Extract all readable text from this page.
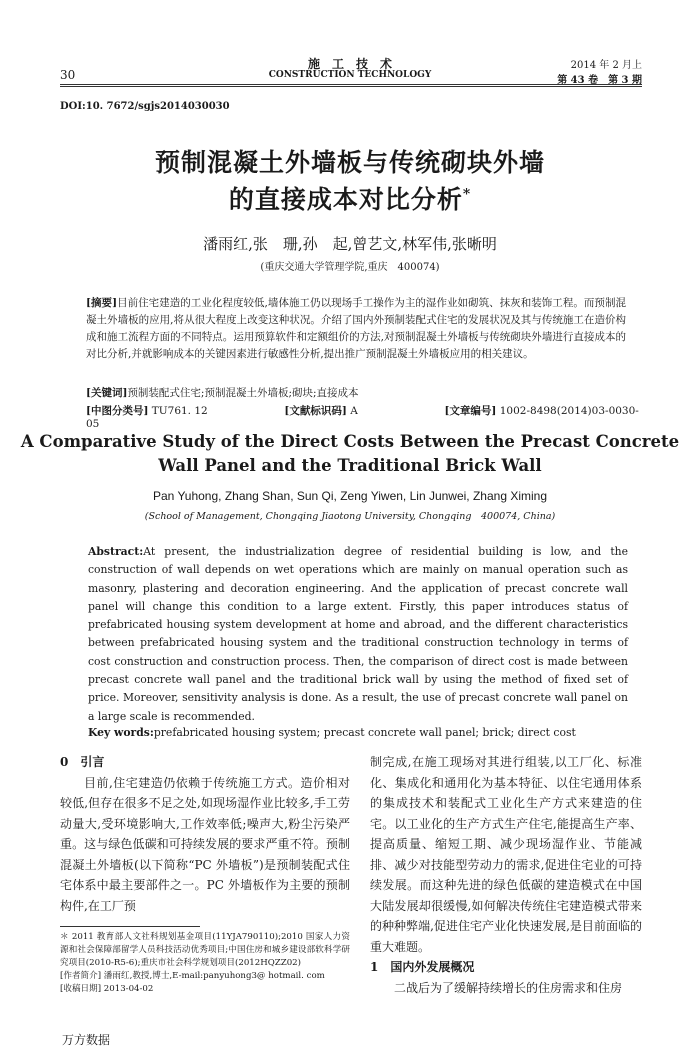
30
施　工　技　术
CONSTRUCTION TECHNOLOGY
2014 年 2 月上
第 43 卷　第 3 期
DOI:10. 7672/sgjs2014030030
预制混凝土外墙板与传统砌块外墙
的直接成本对比分析*
潘雨红,张　珊,孙　起,曾艺文,林军伟,张晰明
(重庆交通大学管理学院,重庆　400074)
[摘要]目前住宅建造的工业化程度较低,墙体施工仍以现场手工操作为主的湿作业如砌筑、抹灰和装饰工程。而预制混凝土外墙板的应用,将从很大程度上改变这种状况。介绍了国内外预制装配式住宅的发展状况及其与传统施工在造价构成和施工流程方面的不同特点。运用预算软件和定额组价的方法,对预制混凝土外墙板与传统砌块外墙进行直接成本的对比分析,并就影响成本的关键因素进行敏感性分析,提出推广预制混凝土外墙板应用的相关建议。
[关键词]预制装配式住宅;预制混凝土外墙板;砌块;直接成本
[中图分类号] TU761. 12	[文献标识码] A	[文章编号] 1002-8498(2014)03-0030-05
A Comparative Study of the Direct Costs Between the Precast Concrete
Wall Panel and the Traditional Brick Wall
Pan Yuhong, Zhang Shan, Sun Qi, Zeng Yiwen, Lin Junwei, Zhang Ximing
(School of Management, Chongqing Jiaotong University, Chongqing　400074, China)
Abstract:At present, the industrialization degree of residential building is low, and the construction of wall depends on wet operations which are mainly on manual operation such as masonry, plastering and decoration engineering. And the application of precast concrete wall panel will change this condition to a large extent. Firstly, this paper introduces status of prefabricated housing system development at home and abroad, and the different characteristics between prefabricated housing system and the traditional construction technology in terms of cost construction and construction process. Then, the comparison of direct cost is made between precast concrete wall panel and the traditional brick wall by using the method of fixed set of price. Moreover, sensitivity analysis is done. As a result, the use of precast concrete wall panel on a large scale is recommended.
Key words:prefabricated housing system; precast concrete wall panel; brick; direct cost

0　引言

目前,住宅建造仍依赖于传统施工方式。造价相对较低,但存在很多不足之处,如现场湿作业比较多,手工劳动量大,受环境影响大,工作效率低;噪声大,粉尘污染严重。这与绿色低碳和可持续发展的要求严重不符。预制混凝土外墙板(以下简称“PC 外墙板”)是预制装配式住宅体系中最主要部件之一。PC 外墙板作为主要的预制构件,在工厂预

＊ 2011 教育部人文社科规划基金项目(11YJA790110);2010 国家人力资源和社会保障部留学人员科技活动优秀项目;中国住房和城乡建设部软科学研究项目(2010-R5-6);重庆市社会科学规划项目(2012HQZZ02)

[作者简介] 潘雨红,教授,博士,E-mail:panyuhong3@ hotmail. com

[收稿日期] 2013-04-02

制完成,在施工现场对其进行组装,以工厂化、标准化、集成化和通用化为基本特征、以住宅通用体系的集成技术和装配式工业化生产方式来建造的住宅。以工业化的生产方式生产住宅,能提高生产率、提高质量、缩短工期、减少现场湿作业、节能减排、减少对技能型劳动力的需求,促进住宅业的可持续发展。而这种先进的绿色低碳的建造模式在中国大陆发展却很缓慢,如何解决传统住宅建造模式带来的种种弊端,促进住宅产业化快速发展,是目前面临的重大难题。

1　国内外发展概况

二战后为了缓解持续增长的住房需求和住房

万方数据
